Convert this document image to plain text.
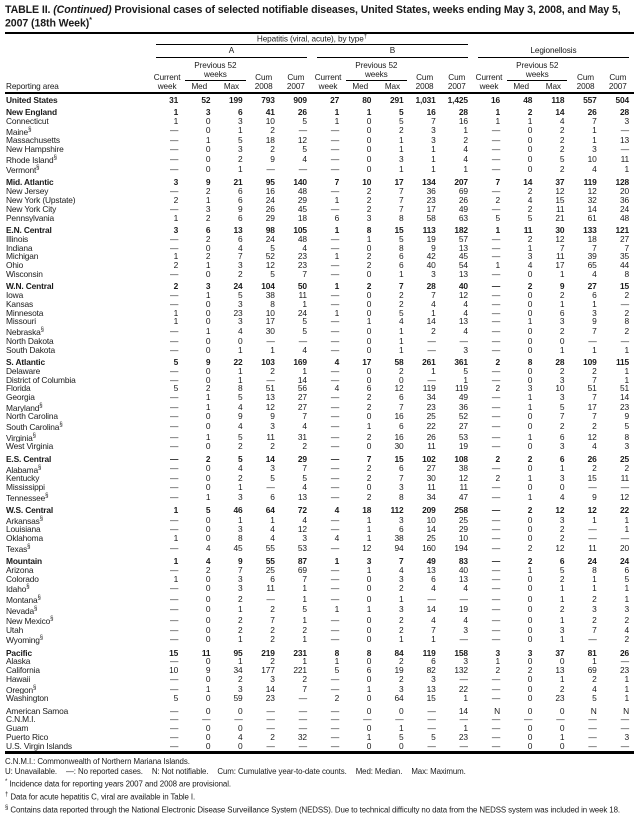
TABLE II. (Continued) Provisional cases of selected notifiable diseases, United States, weeks ending May 3, 2008, and May 5, 2007 (18th Week)*
Reporting area	Hepatitis (viral, acute), by type†

	A					B					Legionellosis				

	Current week	Previous 52 weeks		Cum 2008	Cum 2007	Current week	Previous 52 weeks		Cum 2008	Cum 2007	Current week	Previous 52 weeks		Cum 2008	Cum 2007
		Med	Max				Med	Max				Med	Max		
United States	31	52	199	793	909	27	80	291	1,031	1,425	16	48	118	557	504

New England	1	3	6	41	26	1	1	5	16	28	1	2	14	26	28
Connecticut	1	0	3	10	5	1	0	5	7	16	1	1	4	7	3
Maine§	—	0	1	2	—	—	0	2	3	1	—	0	2	1	—
Massachusetts	—	1	5	18	12	—	0	1	3	2	—	0	2	1	13
New Hampshire	—	0	3	2	5	—	0	1	1	4	—	0	2	3	—
Rhode Island§	—	0	2	9	4	—	0	3	1	4	—	0	5	10	11
Vermont§	—	0	1	—	—	—	0	1	1	1	—	0	2	4	1

Mid. Atlantic	3	9	21	95	140	7	10	17	134	207	7	14	37	119	128
New Jersey	—	2	6	16	48	—	2	7	36	69	—	2	12	12	20
New York (Upstate)	2	1	6	24	29	1	2	7	23	26	2	4	15	32	36
New York City	—	3	9	26	45	—	2	7	17	49	—	2	11	14	24
Pennsylvania	1	2	6	29	18	6	3	8	58	63	5	5	21	61	48

E.N. Central	3	6	13	98	105	1	8	15	113	182	1	11	30	133	121
Illinois	—	2	6	24	48	—	1	5	19	57	—	2	12	18	27
Indiana	—	0	4	5	4	—	0	8	9	13	—	1	7	7	7
Michigan	1	2	7	52	23	1	2	6	42	45	—	3	11	39	35
Ohio	2	1	3	12	23	—	2	6	40	54	1	4	17	65	44
Wisconsin	—	0	2	5	7	—	0	1	3	13	—	0	1	4	8

W.N. Central	2	3	24	104	50	1	2	7	28	40	—	2	9	27	15
Iowa	—	1	5	38	11	—	0	2	7	12	—	0	2	6	2
Kansas	—	0	3	8	1	—	0	2	4	4	—	0	1	1	—
Minnesota	1	0	23	10	24	1	0	5	1	4	—	0	6	3	2
Missouri	1	0	3	17	5	—	1	4	14	13	—	1	3	9	8
Nebraska§	—	1	4	30	5	—	0	1	2	4	—	0	2	7	2
North Dakota	—	0	0	—	—	—	0	1	—	—	—	0	0	—	—
South Dakota	—	0	1	1	4	—	0	1	—	3	—	0	1	1	1

S. Atlantic	5	9	22	103	169	4	17	58	261	361	2	8	28	109	115
Delaware	—	0	1	2	1	—	0	2	1	5	—	0	2	2	1
District of Columbia	—	0	1	—	14	—	0	0	—	1	—	0	3	7	1
Florida	5	2	8	51	56	4	6	12	119	119	2	3	10	51	51
Georgia	—	1	5	13	27	—	2	6	34	49	—	1	3	7	14
Maryland§	—	1	4	12	27	—	2	7	23	36	—	1	5	17	23
North Carolina	—	0	9	9	7	—	0	16	25	52	—	0	7	7	9
South Carolina§	—	0	4	3	4	—	1	6	22	27	—	0	2	2	5
Virginia§	—	1	5	11	31	—	2	16	26	53	—	1	6	12	8
West Virginia	—	0	2	2	2	—	0	30	11	19	—	0	3	4	3

E.S. Central	—	2	5	14	29	—	7	15	102	108	2	2	6	26	25
Alabama§	—	0	4	3	7	—	2	6	27	38	—	0	1	2	2
Kentucky	—	0	2	5	5	—	2	7	30	12	2	1	3	15	11
Mississippi	—	0	1	—	4	—	0	3	11	11	—	0	0	—	—
Tennessee§	—	1	3	6	13	—	2	8	34	47	—	1	4	9	12

W.S. Central	1	5	46	64	72	4	18	112	209	258	—	2	12	12	22
Arkansas§	—	0	1	1	4	—	1	3	10	25	—	0	3	1	1
Louisiana	—	0	3	4	12	—	1	6	14	29	—	0	2	—	1
Oklahoma	1	0	8	4	3	4	1	38	25	10	—	0	2	—	—
Texas§	—	4	45	55	53	—	12	94	160	194	—	2	12	11	20

Mountain	1	4	9	55	87	1	3	7	49	83	—	2	6	24	24
Arizona	—	2	7	25	69	—	1	4	13	40	—	1	5	8	6
Colorado	1	0	3	6	7	—	0	3	6	13	—	0	2	1	5
Idaho§	—	0	3	11	1	—	0	2	4	4	—	0	1	1	1
Montana§	—	0	2	—	1	—	0	1	—	—	—	0	1	2	1
Nevada§	—	0	1	2	5	1	1	3	14	19	—	0	2	3	3
New Mexico§	—	0	2	7	1	—	0	2	4	4	—	0	1	2	2
Utah	—	0	2	2	2	—	0	2	7	3	—	0	3	7	4
Wyoming§	—	0	1	2	1	—	0	1	1	—	—	0	1	—	2

Pacific	15	11	95	219	231	8	8	84	119	158	3	3	37	81	26
Alaska	—	0	1	2	1	1	0	2	6	3	1	0	0	1	—
California	10	9	34	177	221	5	6	19	82	132	2	2	13	69	23
Hawaii	—	0	2	3	2	—	0	2	3	—	—	0	1	2	1
Oregon§	—	1	3	14	7	—	1	3	13	22	—	0	2	4	1
Washington	5	0	59	23	—	2	0	64	15	1	—	0	23	5	1

American Samoa	—	0	0	—	—	—	0	0	—	14	N	0	0	N	N
C.N.M.I.	—	—	—	—	—	—	—	—	—	—	—	—	—	—	—
Guam	—	0	0	—	—	—	0	1	—	1	—	0	0	—	—
Puerto Rico	—	0	4	2	32	—	1	5	5	23	—	0	1	—	3
U.S. Virgin Islands	—	0	0	—	—	—	0	0	—	—	—	0	0	—	—
C.N.M.I.: Commonwealth of Northern Mariana Islands.
U: Unavailable. —: No reported cases. N: Not notifiable. Cum: Cumulative year-to-date counts. Med: Median. Max: Maximum.
* Incidence data for reporting years 2007 and 2008 are provisional.
† Data for acute hepatitis C, viral are available in Table I.
§ Contains data reported through the National Electronic Disease Surveillance System (NEDSS). Due to technical difficulty no data from the NEDSS system was included in week 18.
